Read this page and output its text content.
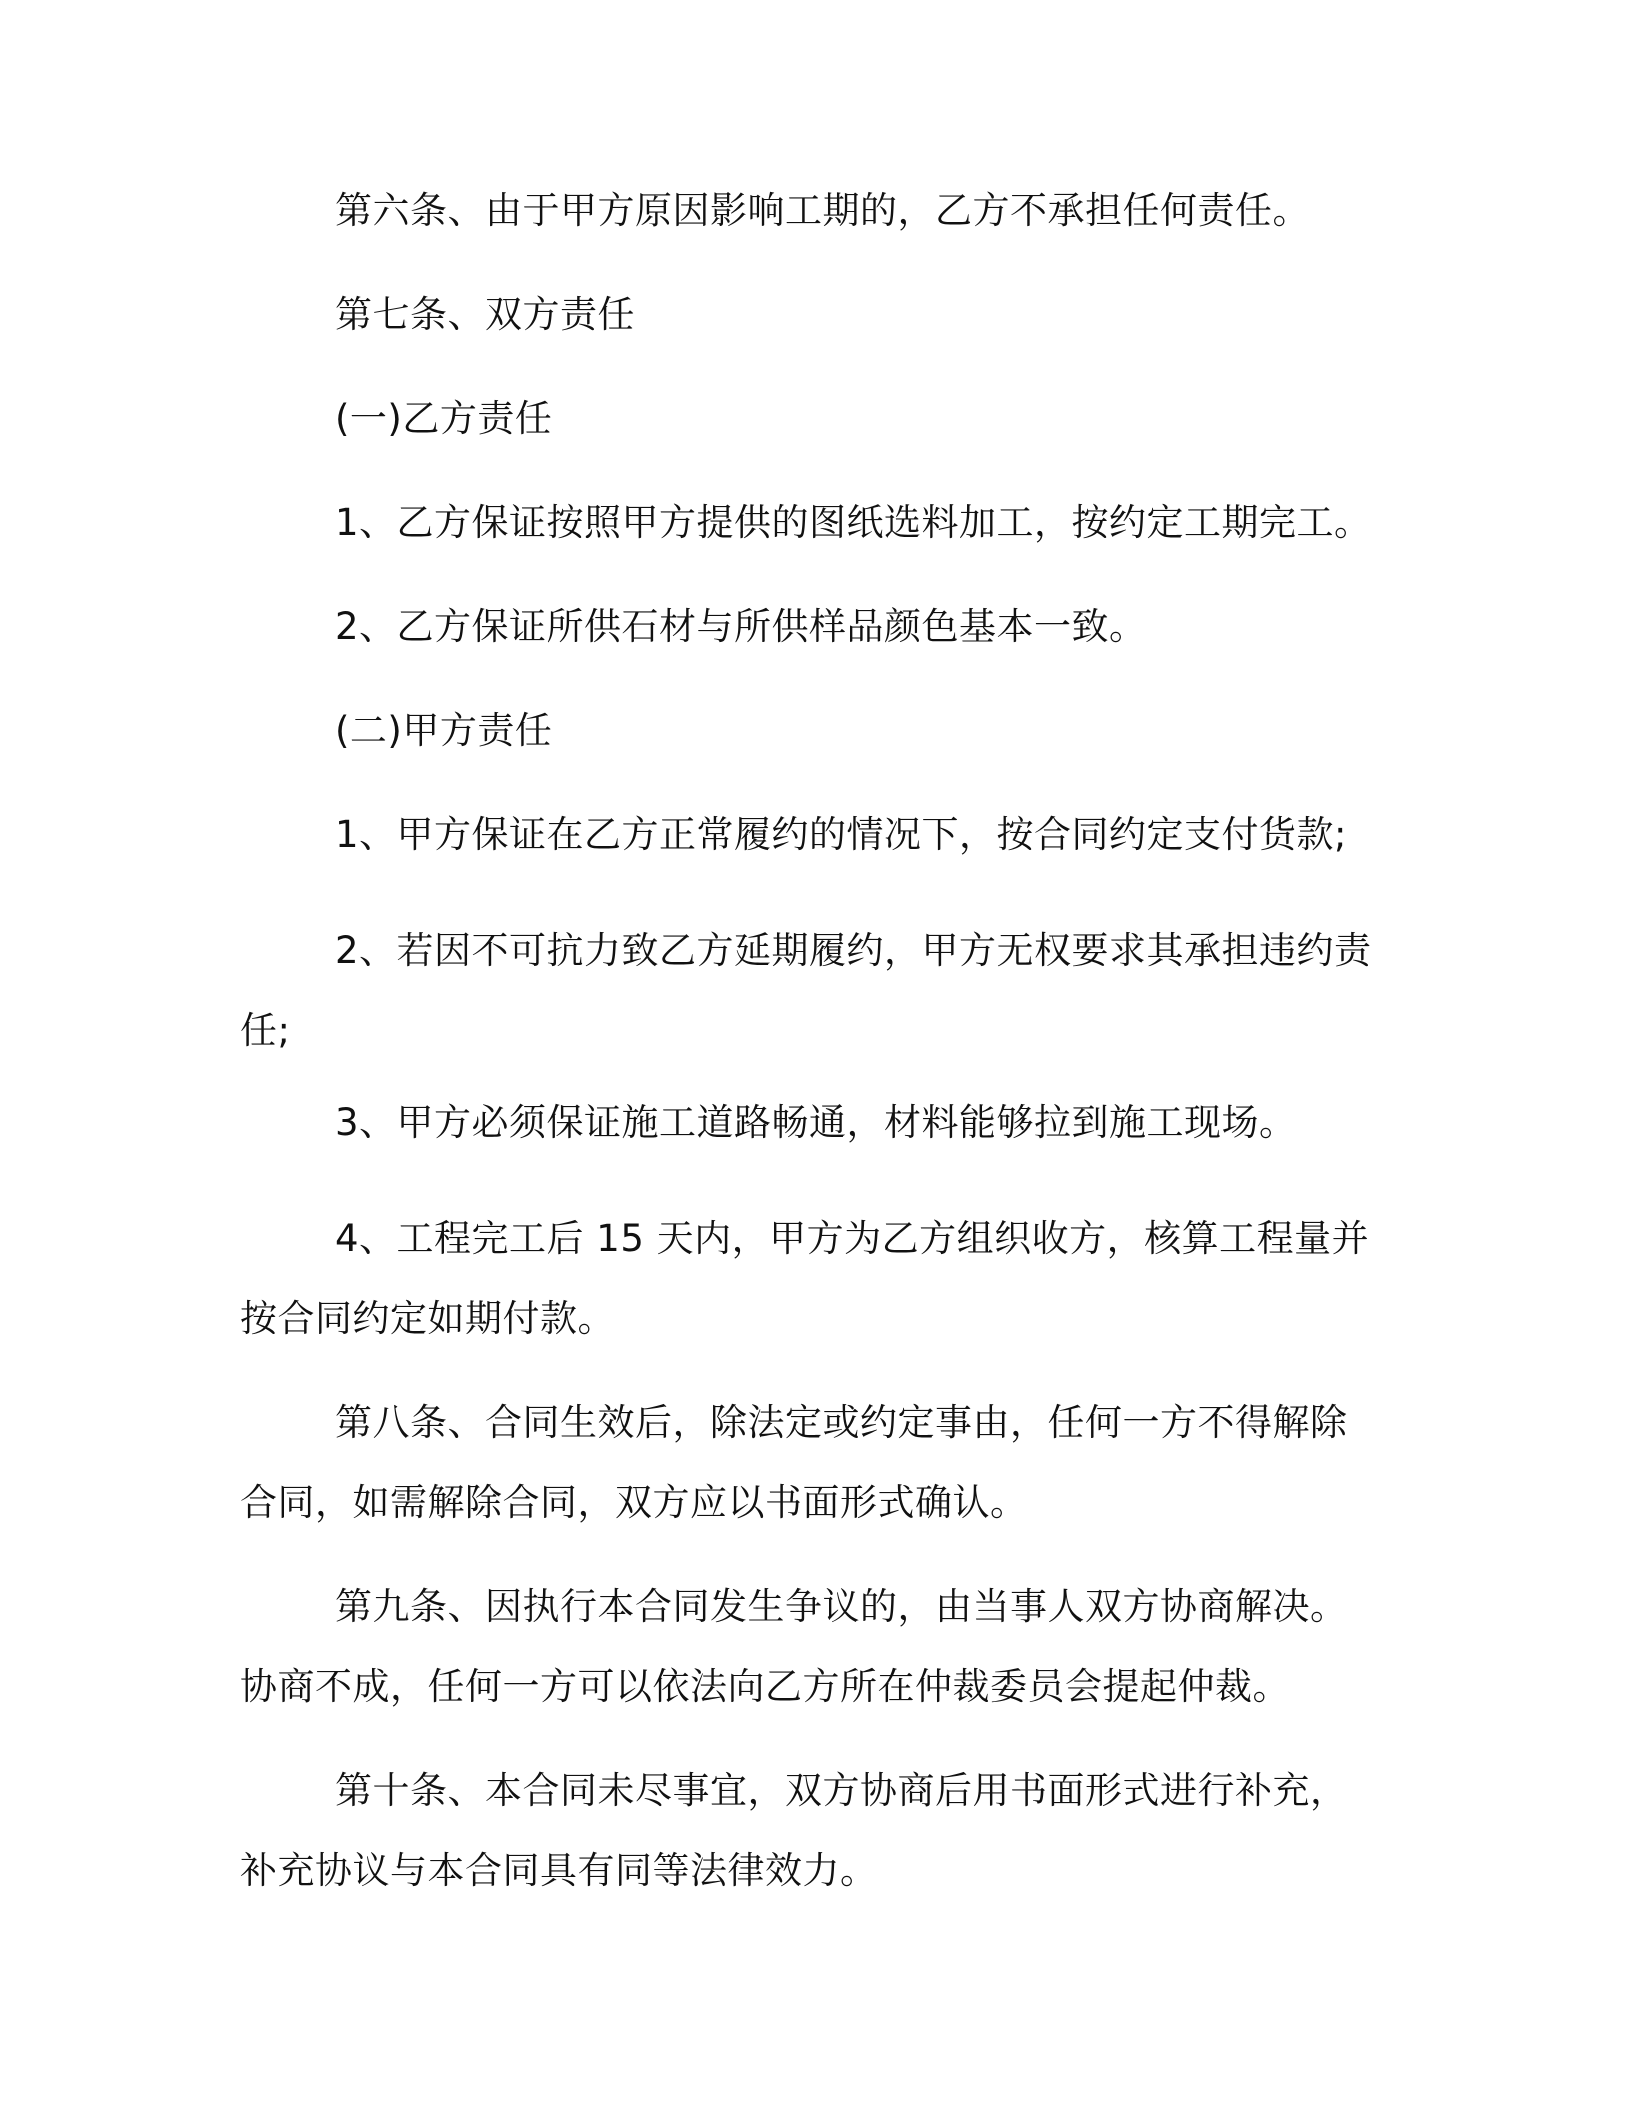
第六条、由于甲方原因影响工期的，乙方不承担任何责任。

第七条、双方责任

(一)乙方责任

1、乙方保证按照甲方提供的图纸选料加工，按约定工期完工。

2、乙方保证所供石材与所供样品颜色基本一致。

(二)甲方责任

1、甲方保证在乙方正常履约的情况下，按合同约定支付货款;

2、若因不可抗力致乙方延期履约，甲方无权要求其承担违约责任;

3、甲方必须保证施工道路畅通，材料能够拉到施工现场。

4、工程完工后 15 天内，甲方为乙方组织收方，核算工程量并按合同约定如期付款。

第八条、合同生效后，除法定或约定事由，任何一方不得解除合同，如需解除合同，双方应以书面形式确认。

第九条、因执行本合同发生争议的，由当事人双方协商解决。协商不成，任何一方可以依法向乙方所在仲裁委员会提起仲裁。

第十条、本合同未尽事宜，双方协商后用书面形式进行补充，补充协议与本合同具有同等法律效力。
